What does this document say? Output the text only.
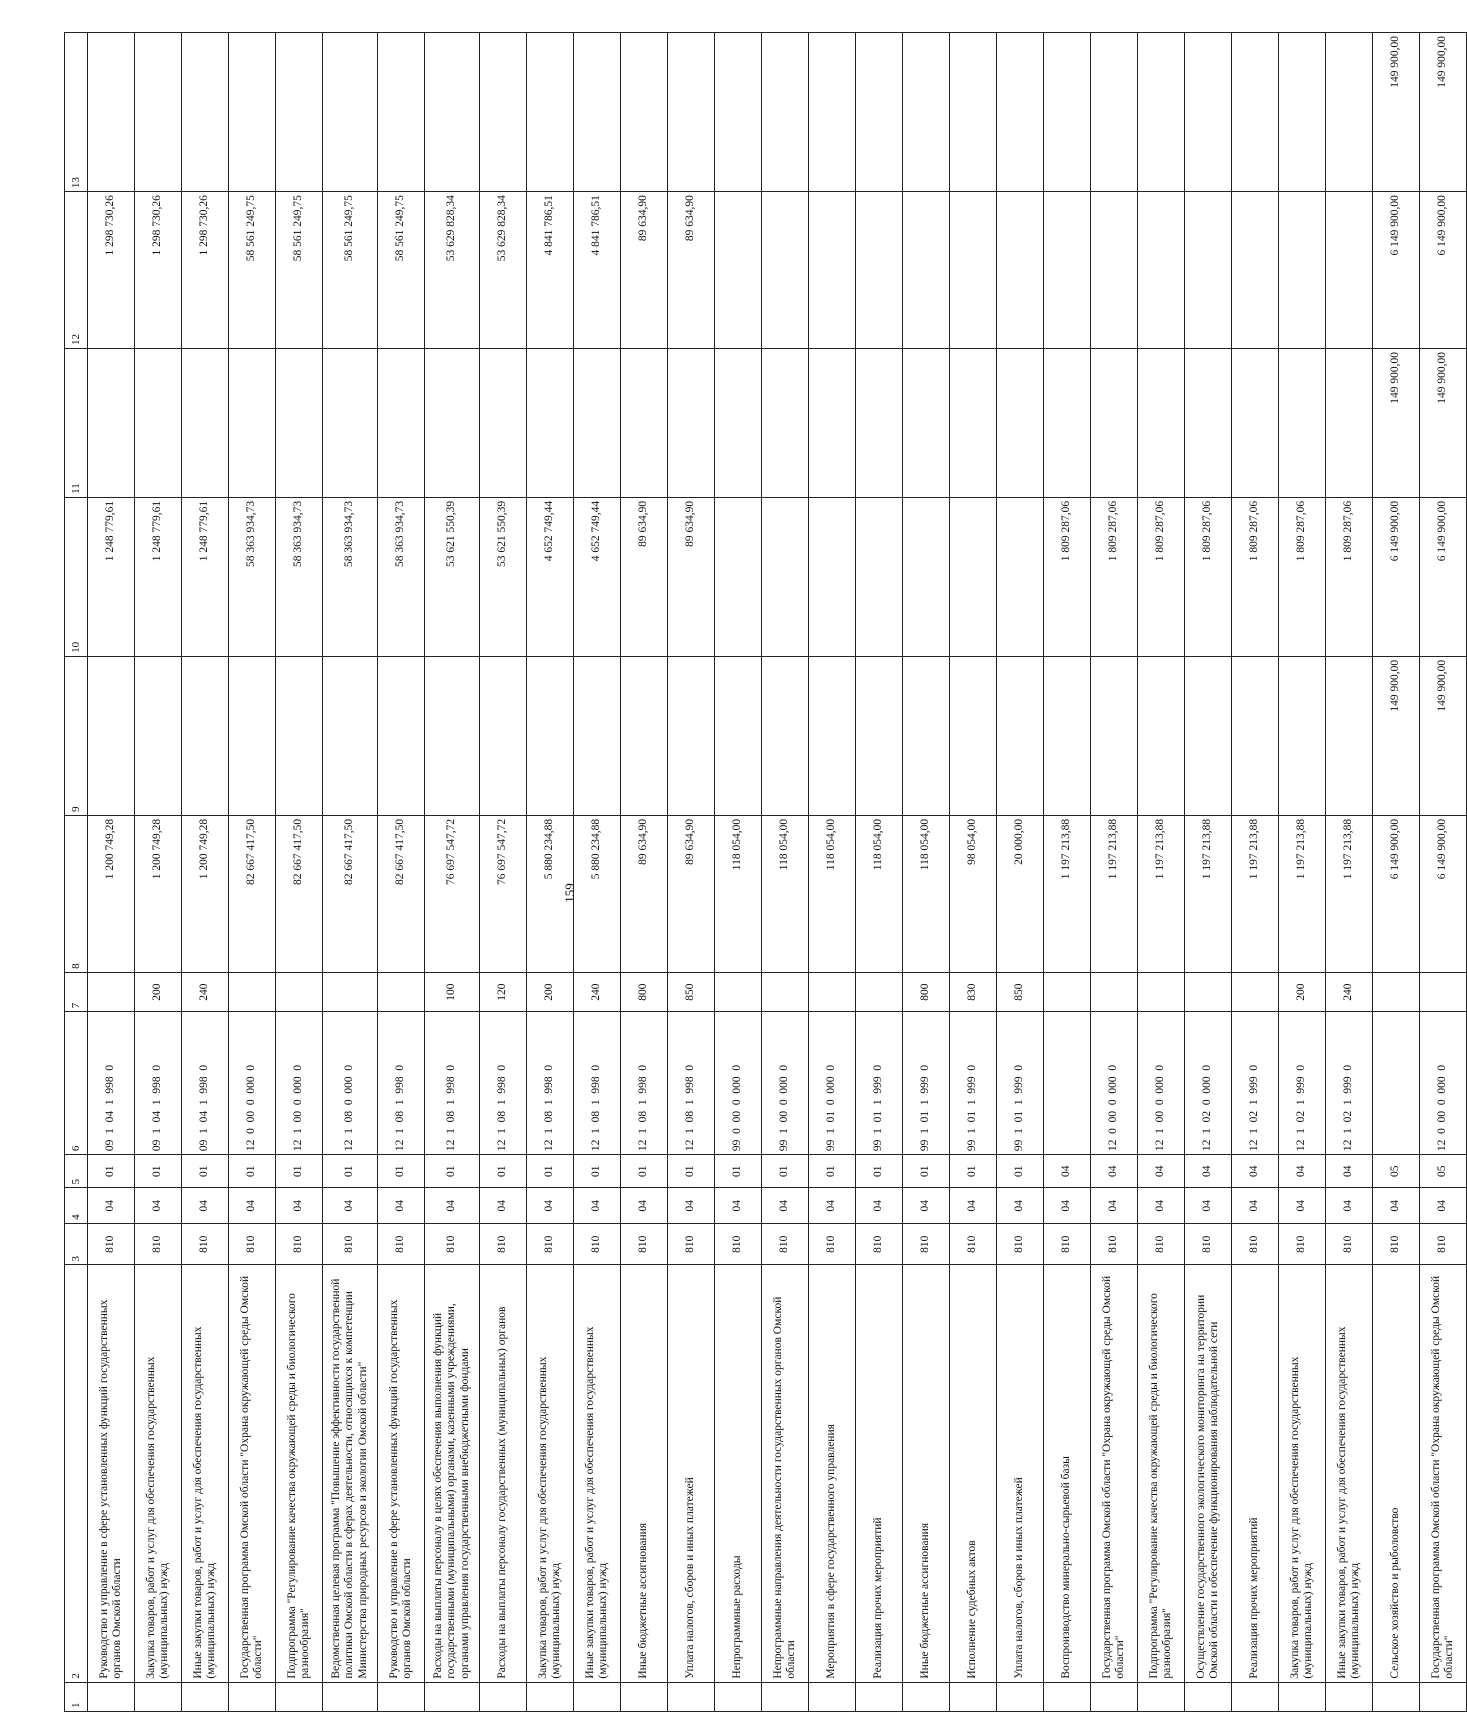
159
1	2	3	4	5	6	7	8	9	10	11	12	13
	Руководство и управление в сфере установленных функций государственных органов Омской области	810	04	01	09  1  04  1  998  0		1 200 749,28		1 248 779,61		1 298 730,26	
	Закупка товаров, работ и услуг для обеспечения государственных (муниципальных) нужд	810	04	01	09  1  04  1  998  0	200	1 200 749,28		1 248 779,61		1 298 730,26	
	Иные закупки товаров, работ и услуг для обеспечения государственных (муниципальных) нужд	810	04	01	09  1  04  1  998  0	240	1 200 749,28		1 248 779,61		1 298 730,26	
	Государственная программа Омской области "Охрана окружающей среды Омской области"	810	04	01	12  0  00  0  000  0		82 667 417,50		58 363 934,73		58 561 249,75	
	Подпрограмма "Регулирование качества окружающей среды и биологического разнообразия"	810	04	01	12  1  00  0  000  0		82 667 417,50		58 363 934,73		58 561 249,75	
	Ведомственная целевая программа "Повышение эффективности государственной политики Омской области в сферах деятельности, относящихся к компетенции Министерства природных ресурсов и экологии Омской области"	810	04	01	12  1  08  0  000  0		82 667 417,50		58 363 934,73		58 561 249,75	
	Руководство и управление в сфере установленных функций государственных органов Омской области	810	04	01	12  1  08  1  998  0		82 667 417,50		58 363 934,73		58 561 249,75	
	Расходы на выплаты персоналу в целях обеспечения выполнения функций государственными (муниципальными) органами, казенными учреждениями, органами управления государственными внебюджетными фондами	810	04	01	12  1  08  1  998  0	100	76 697 547,72		53 621 550,39		53 629 828,34	
	Расходы на выплаты персоналу государственных (муниципальных) органов	810	04	01	12  1  08  1  998  0	120	76 697 547,72		53 621 550,39		53 629 828,34	
	Закупка товаров, работ и услуг для обеспечения государственных (муниципальных) нужд	810	04	01	12  1  08  1  998  0	200	5 880 234,88		4 652 749,44		4 841 786,51	
	Иные закупки товаров, работ и услуг для обеспечения государственных (муниципальных) нужд	810	04	01	12  1  08  1  998  0	240	5 880 234,88		4 652 749,44		4 841 786,51	
	Иные бюджетные ассигнования	810	04	01	12  1  08  1  998  0	800	89 634,90		89 634,90		89 634,90	
	Уплата налогов, сборов и иных платежей	810	04	01	12  1  08  1  998  0	850	89 634,90		89 634,90		89 634,90	
	Непрограммные расходы	810	04	01	99  0  00  0  000  0		118 054,00					
	Непрограммные направления деятельности государственных органов Омской области	810	04	01	99  1  00  0  000  0		118 054,00					
	Мероприятия в сфере государственного управления	810	04	01	99  1  01  0  000  0		118 054,00					
	Реализация прочих мероприятий	810	04	01	99  1  01  1  999  0		118 054,00					
	Иные бюджетные ассигнования	810	04	01	99  1  01  1  999  0	800	118 054,00					
	Исполнение судебных актов	810	04	01	99  1  01  1  999  0	830	98 054,00					
	Уплата налогов, сборов и иных платежей	810	04	01	99  1  01  1  999  0	850	20 000,00					
	Воспроизводство минерально-сырьевой базы	810	04	04			1 197 213,88		1 809 287,06			
	Государственная программа Омской области "Охрана окружающей среды Омской области"	810	04	04	12  0  00  0  000  0		1 197 213,88		1 809 287,06			
	Подпрограмма "Регулирование качества окружающей среды и биологического разнообразия"	810	04	04	12  1  00  0  000  0		1 197 213,88		1 809 287,06			
	Осуществление государственного экологического мониторинга на территории Омской области и обеспечение функционирования наблюдательной сети	810	04	04	12  1  02  0  000  0		1 197 213,88		1 809 287,06			
	Реализация прочих мероприятий	810	04	04	12  1  02  1  999  0		1 197 213,88		1 809 287,06			
	Закупка товаров, работ и услуг для обеспечения государственных (муниципальных) нужд	810	04	04	12  1  02  1  999  0	200	1 197 213,88		1 809 287,06			
	Иные закупки товаров, работ и услуг для обеспечения государственных (муниципальных) нужд	810	04	04	12  1  02  1  999  0	240	1 197 213,88		1 809 287,06			
	Сельское хозяйство и рыболовство	810	04	05			6 149 900,00	149 900,00	6 149 900,00	149 900,00	6 149 900,00	149 900,00
	Государственная программа Омской области "Охрана окружающей среды Омской области"	810	04	05	12  0  00  0  000  0		6 149 900,00	149 900,00	6 149 900,00	149 900,00	6 149 900,00	149 900,00
